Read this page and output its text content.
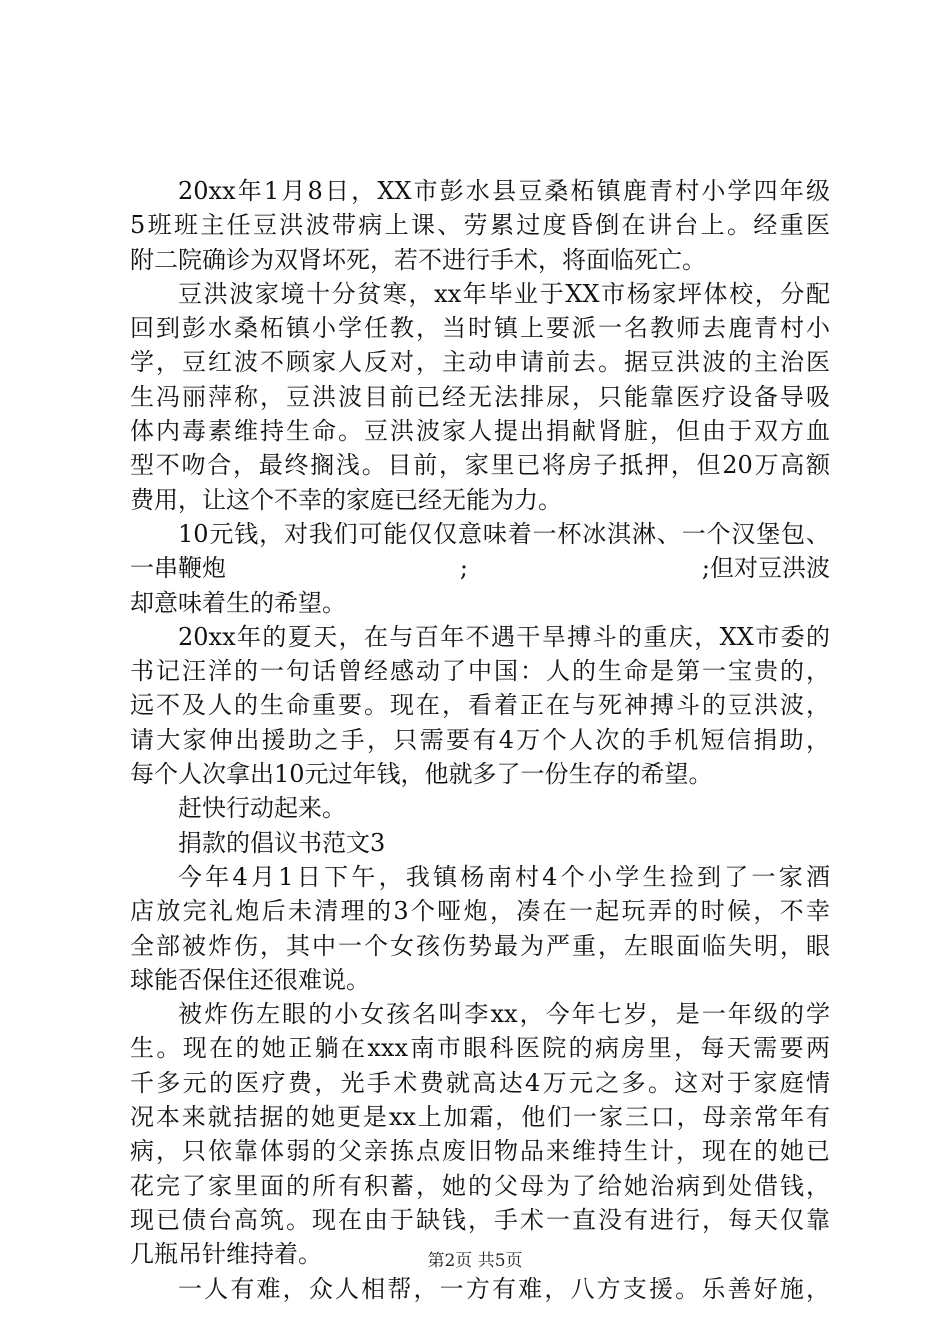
20xx年1月8日，XX市彭水县豆桑柘镇鹿青村小学四年级
5班班主任豆洪波带病上课、劳累过度昏倒在讲台上。经重医
附二院确诊为双肾坏死，若不进行手术，将面临死亡。
豆洪波家境十分贫寒，xx年毕业于XX市杨家坪体校，分配
回到彭水桑柘镇小学任教，当时镇上要派一名教师去鹿青村小
学，豆红波不顾家人反对，主动申请前去。据豆洪波的主治医
生冯丽萍称，豆洪波目前已经无法排尿，只能靠医疗设备导吸
体内毒素维持生命。豆洪波家人提出捐献肾脏，但由于双方血
型不吻合，最终搁浅。目前，家里已将房子抵押，但20万高额
费用，让这个不幸的家庭已经无能为力。
10元钱，对我们可能仅仅意味着一杯冰淇淋、一个汉堡包、
一串鞭炮	;	;但对豆洪波
却意味着生的希望。
20xx年的夏天，在与百年不遇干旱搏斗的重庆，XX市委的
书记汪洋的一句话曾经感动了中国：人的生命是第一宝贵的，
远不及人的生命重要。现在，看着正在与死神搏斗的豆洪波，
请大家伸出援助之手，只需要有4万个人次的手机短信捐助，
每个人次拿出10元过年钱，他就多了一份生存的希望。
赶快行动起来。
捐款的倡议书范文3
今年4月1日下午，我镇杨南村4个小学生捡到了一家酒
店放完礼炮后未清理的3个哑炮，凑在一起玩弄的时候，不幸
全部被炸伤，其中一个女孩伤势最为严重，左眼面临失明，眼
球能否保住还很难说。
被炸伤左眼的小女孩名叫李xx，今年七岁，是一年级的学
生。现在的她正躺在xxx南市眼科医院的病房里，每天需要两
千多元的医疗费，光手术费就高达4万元之多。这对于家庭情
况本来就拮据的她更是xx上加霜，他们一家三口，母亲常年有
病，只依靠体弱的父亲拣点废旧物品来维持生计，现在的她已
花完了家里面的所有积蓄，她的父母为了给她治病到处借钱，
现已债台高筑。现在由于缺钱，手术一直没有进行，每天仅靠
几瓶吊针维持着。
一人有难，众人相帮，一方有难，八方支援。乐善好施，
第2页 共5页
